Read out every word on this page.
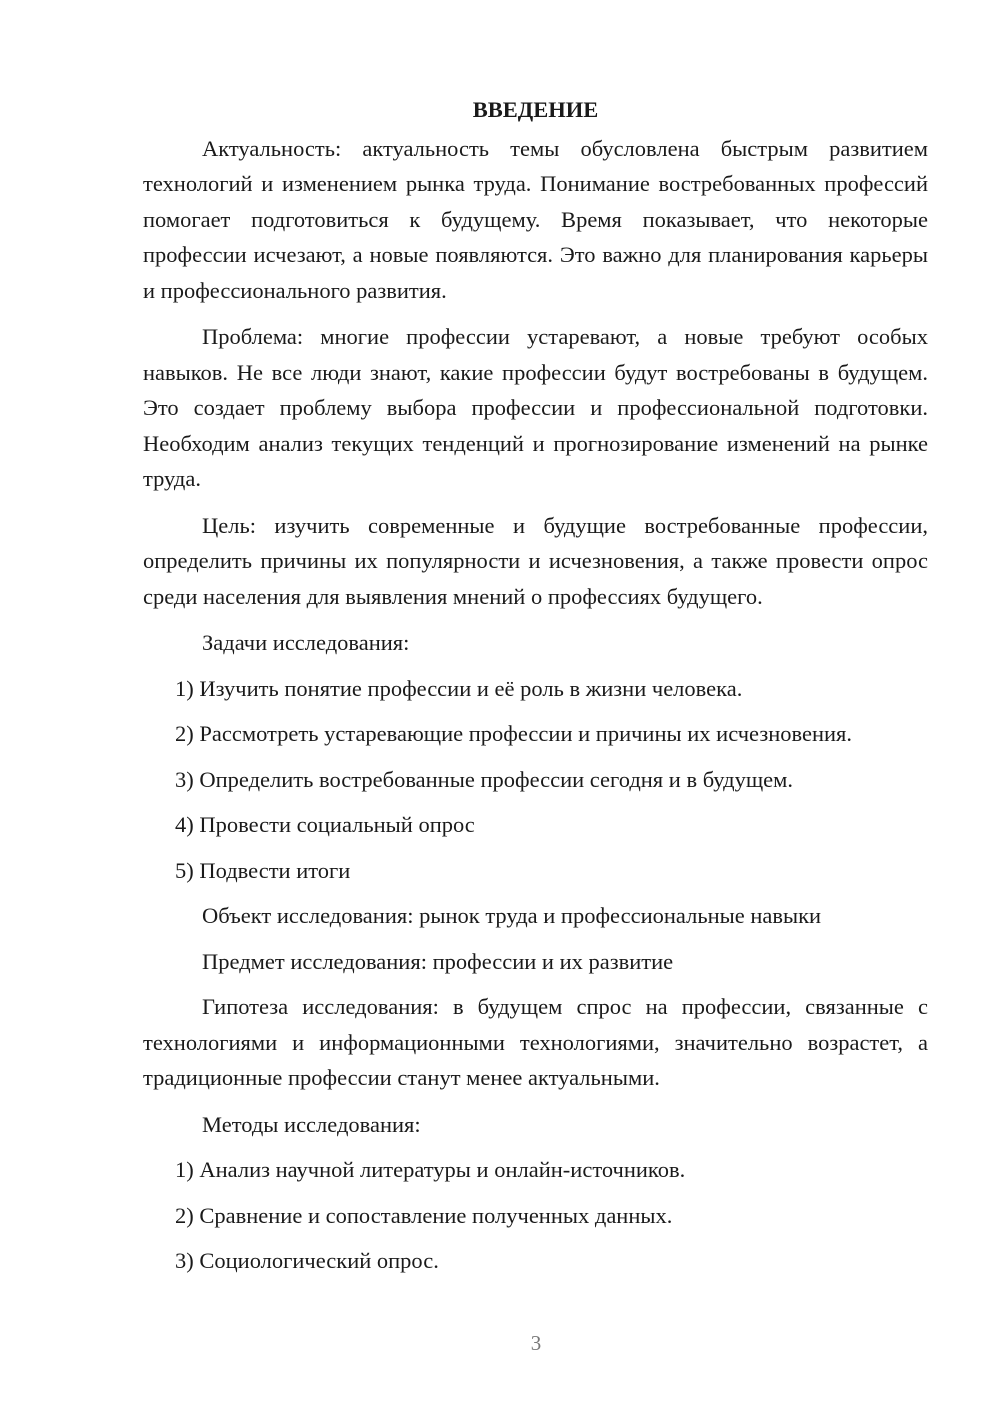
ВВЕДЕНИЕ

Актуальность: актуальность темы обусловлена быстрым развитием технологий и изменением рынка труда. Понимание востребованных профессий помогает подготовиться к будущему. Время показывает, что некоторые профессии исчезают, а новые появляются. Это важно для планирования карьеры и профессионального развития.

Проблема: многие профессии устаревают, а новые требуют особых навыков. Не все люди знают, какие профессии будут востребованы в будущем. Это создает проблему выбора профессии и профессиональной подготовки. Необходим анализ текущих тенденций и прогнозирование изменений на рынке труда.

Цель: изучить современные и будущие востребованные профессии, определить причины их популярности и исчезновения, а также провести опрос среди населения для выявления мнений о профессиях будущего.

Задачи исследования:
1) Изучить понятие профессии и её роль в жизни человека.
2) Рассмотреть устаревающие профессии и причины их исчезновения.
3) Определить востребованные профессии сегодня и в будущем.
4) Провести социальный опрос
5) Подвести итоги
Объект исследования: рынок труда и профессиональные навыки
Предмет исследования: профессии и их развитие

Гипотеза исследования: в будущем спрос на профессии, связанные с технологиями и информационными технологиями, значительно возрастет, а традиционные профессии станут менее актуальными.

Методы исследования:
1) Анализ научной литературы и онлайн-источников.
2) Сравнение и сопоставление полученных данных.
3) Социологический опрос.
3
